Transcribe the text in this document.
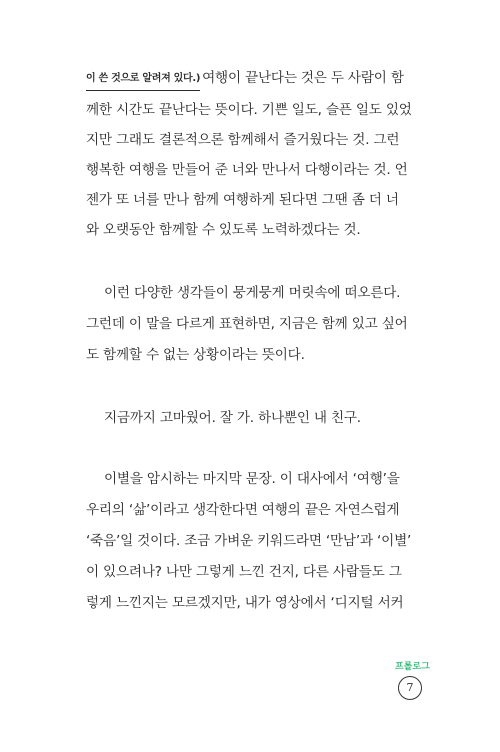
이 쓴 것으로 알려져 있다.) 여행이 끝난다는 것은 두 사람이 함
께한 시간도 끝난다는 뜻이다. 기쁜 일도, 슬픈 일도 있었
지만 그래도 결론적으론 함께해서 즐거웠다는 것. 그런
행복한 여행을 만들어 준 너와 만나서 다행이라는 것. 언
젠가 또 너를 만나 함께 여행하게 된다면 그땐 좀 더 너
와 오랫동안 함께할 수 있도록 노력하겠다는 것.
이런 다양한 생각들이 뭉게뭉게 머릿속에 떠오른다.
그런데 이 말을 다르게 표현하면, 지금은 함께 있고 싶어
도 함께할 수 없는 상황이라는 뜻이다.
지금까지 고마웠어. 잘 가. 하나뿐인 내 친구.
이별을 암시하는 마지막 문장. 이 대사에서 ‘여행’을
우리의 ‘삶’이라고 생각한다면 여행의 끝은 자연스럽게
‘죽음’일 것이다. 조금 가벼운 키워드라면 ‘만남’과 ‘이별’
이 있으려나? 나만 그렇게 느낀 건지, 다른 사람들도 그
렇게 느낀지는 모르겠지만, 내가 영상에서 ‘디지털 서커
프롤로그
7
